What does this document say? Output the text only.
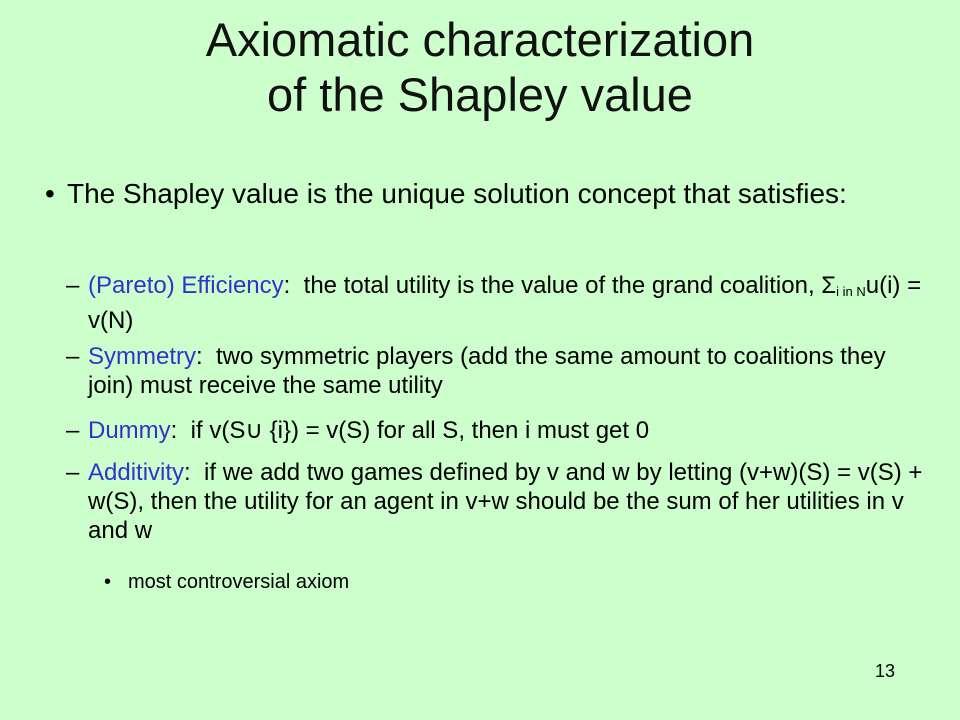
Axiomatic characterization
of the Shapley value
• The Shapley value is the unique solution concept that satisfies:
– (Pareto) Efficiency:  the total utility is the value of the grand coalition, $\Sigma_{i in N}u(i) = v(N)$
– Symmetry:  two symmetric players (add the same amount to coalitions they join) must receive the same utility
– Dummy:  if v(S∪ {i}) = v(S) for all S, then i must get 0
– Additivity:  if we add two games defined by v and w by letting (v+w)(S) = v(S) + w(S), then the utility for an agent in v+w should be the sum of her utilities in v and w
• most controversial axiom
13
